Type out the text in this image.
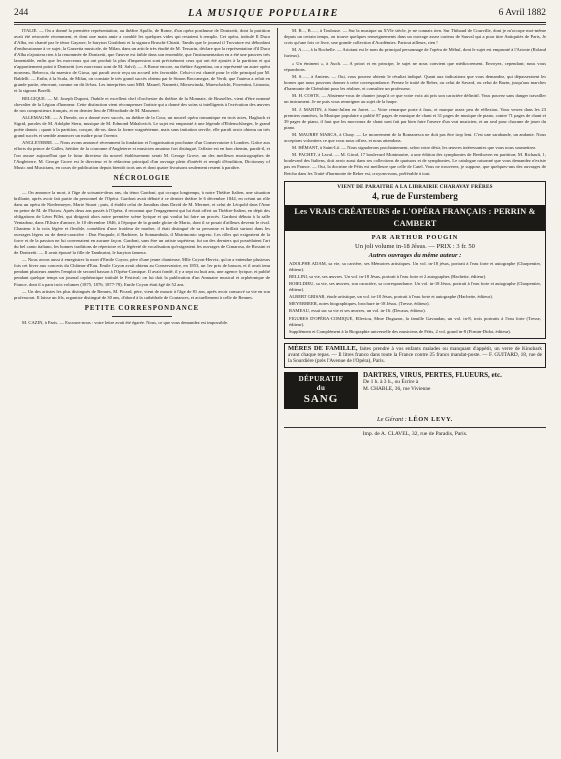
244	LA MUSIQUE POPULAIRE	6 Avril 1882

ITALIE. — On a donné la première représentation, au théâtre Apollo, de Rome, d'un opéra posthume de Donizetti, dont la partition avait été retrouvée récemment, et dont une main amie a comblé les quelques vides qui restaient à remplir. Cet opéra, intitulé Il Duca d'Alba, est chanté par le ténor Gayarre, le baryton Giraldoni et la signora Bruschi-Chiatti. Tandis que le journal il Trovatore est débordant d'enthousiasme à ce sujet, la Gazzetta musicale, de Milan, dans un article très étudié de M. Tessarin, déclare que la représentation d'il Duca d'Alba n'ajoutera rien à la renommée de Donizetti, que l'œuvre est faible dans son ensemble, que l'instrumentation en a été une pauvres très lamentable, enfin que les morceaux qui ont produit la plus d'impression sont précisément ceux qui ont été ajoutés à la partition et qui n'appartiennent point à Donizetti (ces morceaux sont de M. Salvi). — A Rome encore, au théâtre Argentina, on a représenté un autre opéra nouveau, Rebecca, du maestro de Giosa, qui paraît avoir reçu un accueil très favorable. Celui-ci est chanté pour le rôle principal par M. Baldelli. — Enfin, à la Scala, de Milan, on constate le très grand succès obtenu par le Simon Boccanegra, de Verdi, que l'auteur a refait en grande partie, rénovant, comme on dit là-bas. Les interprètes sont MM. Maurel, Nannetti, Mierzwinski, Mareschalchi, Fiorentini, Limonta, et la signora Borelli.

BELGIQUE. — M. Joseph Dupont, l'habile et excellent chef d'orchestre du théâtre de la Monnaie, de Bruxelles, vient d'être nommé chevalier de la Légion d'honneur. Cette distinction vient récompenser l'artiste qui a donné des soins si intelligents à l'exécution des œuvres de nos compositeurs français, et en dernier lieu de l'Hérodiade de M. Massenet.

ALLEMAGNE. — A Dresde, on a donné avec succès, au théâtre de la Cour, un nouvel opéra romantique en trois actes, Haghach et Sigrid, paroles de M. Adolphe Stern, musique de M. Edmond Mihalovich. Le sujet est emprunté à une légende d'Ehlenschlaeger, le grand poète danois ; quant à la partition, conçue, dit-on, dans la forme wagnérienne, mais sans imitation servile, elle paraît avoir obtenu un très grand succès et semble annoncer un maître pour l'avenir.

ANGLETERRE. — Nous avons annoncé récemment la fondation et l'organisation prochaine d'un Conservatoire à Londres. Grâce aux efforts du prince de Galles, héritier de la couronne d'Angleterre et musicien amateur fort distingué, l'affaire est en bon chemin, paraît-il, et l'on assure aujourd'hui que le futur directeur du nouvel établissement serait M. George Grove, un des meilleurs musicographes de l'Angleterre. M. George Grove est le directeur et le rédacteur principal d'un ouvrage plein d'intérêt et rempli d'érudition, Dictionary of Music and Musicians, en cours de publication depuis bientôt trois ans et dont quatre livraisons seulement restent à paraître.

NÉCROLOGIE

— On annonce la mort, à l'âge de soixante-deux ans, du ténor Gardoni, qui occupa longtemps, à notre Théâtre Italien, une situation brillante, après avoir fait partie du personnel de l'Opéra. Gardoni avait débuté à ce dernier théâtre le 6 décembre 1844, en créant un rôle dans un opéra de Niedermeyer, Marie Stuart ; puis, il établit celui de Jonathas dans David de M. Mermet, et celui de Léopold dans l'Ame en peine de M. de Flotow. Après deux ans passés à l'Opéra, il reconnut que l'engagement qui lui était offert au Théâtre-Italien, en dépit des obligations de Léon Pillet, qui dirigeait alors notre première scène lyrique et qui voulut lui faire un procès. Gardoni débuta à la salle Ventadour, dans l'Elisire d'amore, le 10 décembre 1846, à l'époque de la grande gloire de Mario, dont il se posait d'ailleurs devenir le rival. Chanteur à la voix légère et flexible, comédien d'une froideur de marbre, il était distingué de sa personne et brillait surtout dans les ouvrages légers ou de demi-caractère : Don Pasquale, il Barbiere, la Sonnambula, il Matrimonio segreto. Les rôles qui exigeaient de la force et de la passion ne lui convenaient en aucune façon. Gardoni, sans être un artiste supérieur, fut un des derniers qui possédaient l'art du bel canto italiano, les bonnes traditions de répertoire et la légèreté de vocalisation qu'exigeaient les ouvrages de Cimarosa, de Rossini et de Donizetti. — Il avait épousé la fille de Tamburini, le baryton fameux.

— Nous avons aussi à enregistrer la mort d'Emile Coyon, père d'une jeune chanteuse, Mlle Coyon-Hervix, qu'on a entendue plusieurs fois cet hiver aux concerts du Château-d'Eau. Emile Coyon avait obtenu au Conservatoire, en 1853, un 1er prix de basson, et il avait tenu pendant plusieurs années l'emploi de second basson à l'Opéra-Comique. Il avait fondé, il y a sept ou huit ans, une agence lyrique, et publié pendant quelque temps un journal orphéonique intitulé le Festival; on lui doit la publication d'un Annuaire musical et orphéonique de France, dont il a paru trois volumes (1875, 1876, 1877-78). Emile Coyon était âgé de 52 ans.

— Un des artistes les plus distingués de Rennes, M. Picard, père, vient de mourir à l'âge de 81 ans, après avoir consacré sa vie en son professorat. Il laisse un fils, organiste distingué de 30 ans, d'abord à la cathédrale de Coutances, et actuellement à celle de Rennes.

PETITE CORRESPONDANCE

M. CAZIN, à Paris. — Excusez-nous : votre lettre avait été égarée. Nous, ce que vous demandez est impossible.

M. R..., B......, à Toulouse. — Sur la musique au XVIe siècle, je ne connais rien. Sur Thibaud de Courville, dont je m'occupe moi-même depuis un certain temps, on trouve quelques renseignements dans un ouvrage assez curieux de Sauval qui a pour titre Antiquités de Paris, Je crois qu'une fois ce livre, une grande collection d'Académies. Partout ailleurs, rien !

M. A......, à la Rochelle. — Arioiant est le nom du principal personnage de l'opéra de Méhul, dont le sujet est emprunté à l'Arioste (Roland furieux).

« Un éminent », à Auch. — A priori et en principe, le sujet ne nous convient que médiocrement. Envoyez, cependant; nous vous répondrons.

M. S......, à Amiens. — Oui, vous pouvez obtenir le résultat indiqué. Quant aux indications que vous demandez, qui dépasseraient les bornes que nous pouvons donner à cette correspondance. Prenez le traité de Reber, ou celui de Savard, ou celui de Bazin, jusqu'aux marches d'harmonie de Chérubini pour les réaliser, et consultez un professeur.

M. H. COSTE. — Abstenez-vous de chanter jusqu'à ce que votre voix ait pris son caractère définitif. Vous pouvez sans danger travailler un instrument. Je ne puis vous renseigner au sujet de la harpe.

M. J. MARTIN, à Saint-Julien en Jarret. — Votre remarque porte à faux, et marque assez peu de réflexion. Vous verrez dans les 23 premiers numéros, la Musique populaire a publié 87 pages de musique de chant et 31 pages de musique de piano, contre 71 pages de chant et 39 pages de piano, il faut que les morceaux de chant sont fait par bien faire l'œuvre d'un vrai musicien, et un seul pour chacune de jouer du piano.

M. MAURRY MARCA, à Cluny. — Le mouvement de la Romanesca ne doit pas être trop lent. C'est une sarabande, un andante. Nous acceptons volontiers ce que vous nous offrez, et nous attendons.

M. HÉMANT, à Saint-Lô. — Nous signalerons prochainement, selon votre désir, les œuvres intéressantes que vous nous soumettrez.

M. PACHET, à Laval. — M. Girod, 17 boulevard Montmartre, a une édition des symphonies de Beethoven en partition; M. Richault, 1, boulevard des Italiens, doit avoir aussi dans ses collections de quatuors et de symphonies. Le catalogue raisonné que vous demandez n'existe pas en France. — Oui, la doctrine de Fétis est meilleure que celle de Catel. Vous ne trouverez, je suppose, que quelques-uns des ouvrages de Reicha dans les Traité d'harmonie de Reber est, croyons-nous, préférable à tout.

VIENT DE PARAITRE A LA LIBRAIRIE CHARAVAY FRÈRES
4, rue de Furstemberg
Les VRAIS CRÉATEURS de L'OPÉRA FRANÇAIS : PERRIN & CAMBERT
PAR ARTHUR POUGIN
Un joli volume in-18 Jésus. — PRIX : 3 fr. 50
Autres ouvrages du même auteur :

ADOLPHE ADAM, sa vie, sa carrière, ses Mémoires artistiques. Un vol. in-18 jésus, portrait à l'eau forte et autographe (Charpentier, éditeur).

BELLINI, sa vie, ses œuvres. Un vol. in-18 Jésus, portrait à l'eau forte et 2 autographes (Hachette, éditeur).

BOIELDIEU, sa vie, ses œuvres, son caractère, sa correspondance. Un vol. in-18 Jésus, portrait à l'eau forte et autographe (Charpentier, éditeur).

ALBERT GRISAR, étude artistique, un vol. in-18 Jésus, portrait à l'eau forte et autographe (Hachette, éditeur).

MEYERBEER, notes biographiques, brochure in-18 Jésus. (Tresse, éditeur).

RAMEAU, essai sur sa vie et ses œuvres, un vol. in-16. (Decaux, éditeur).

FIGURES D'OPÉRA-COMIQUE, Elleviou, Mme Dugazon, la famille Gavaudan, un vol. in-8, trois portraits à l'eau forte (Tresse, éditeur).

Supplément et Complément à la Biographie universelle des musiciens de Fétis, 2 vol. grand in-8 (Firmin-Didot, éditeur).

MÈRES DE FAMILLE, faites prendre à vos enfants malades ou manquant d'appétit, un verre de Kinobark avant chaque repas. — Il litres franco dans toute la France contre 25 francs mandat-poste. — F. GUITARD, 18, rue de la Sourdière (près l'Avenue de l'Opéra), Paris.
DÉPURATIF
du
SANG
DARTRES, VIRUS, PERTES, FLUEURS, etc.
De 1 h. à 3 h., ou Écrire à
M. CHABLE, 36, rue Vivienne
Le Gérant : LÉON LEVY.
Imp. de A. CLAVEL, 32, rue de Paradis, Paris.
